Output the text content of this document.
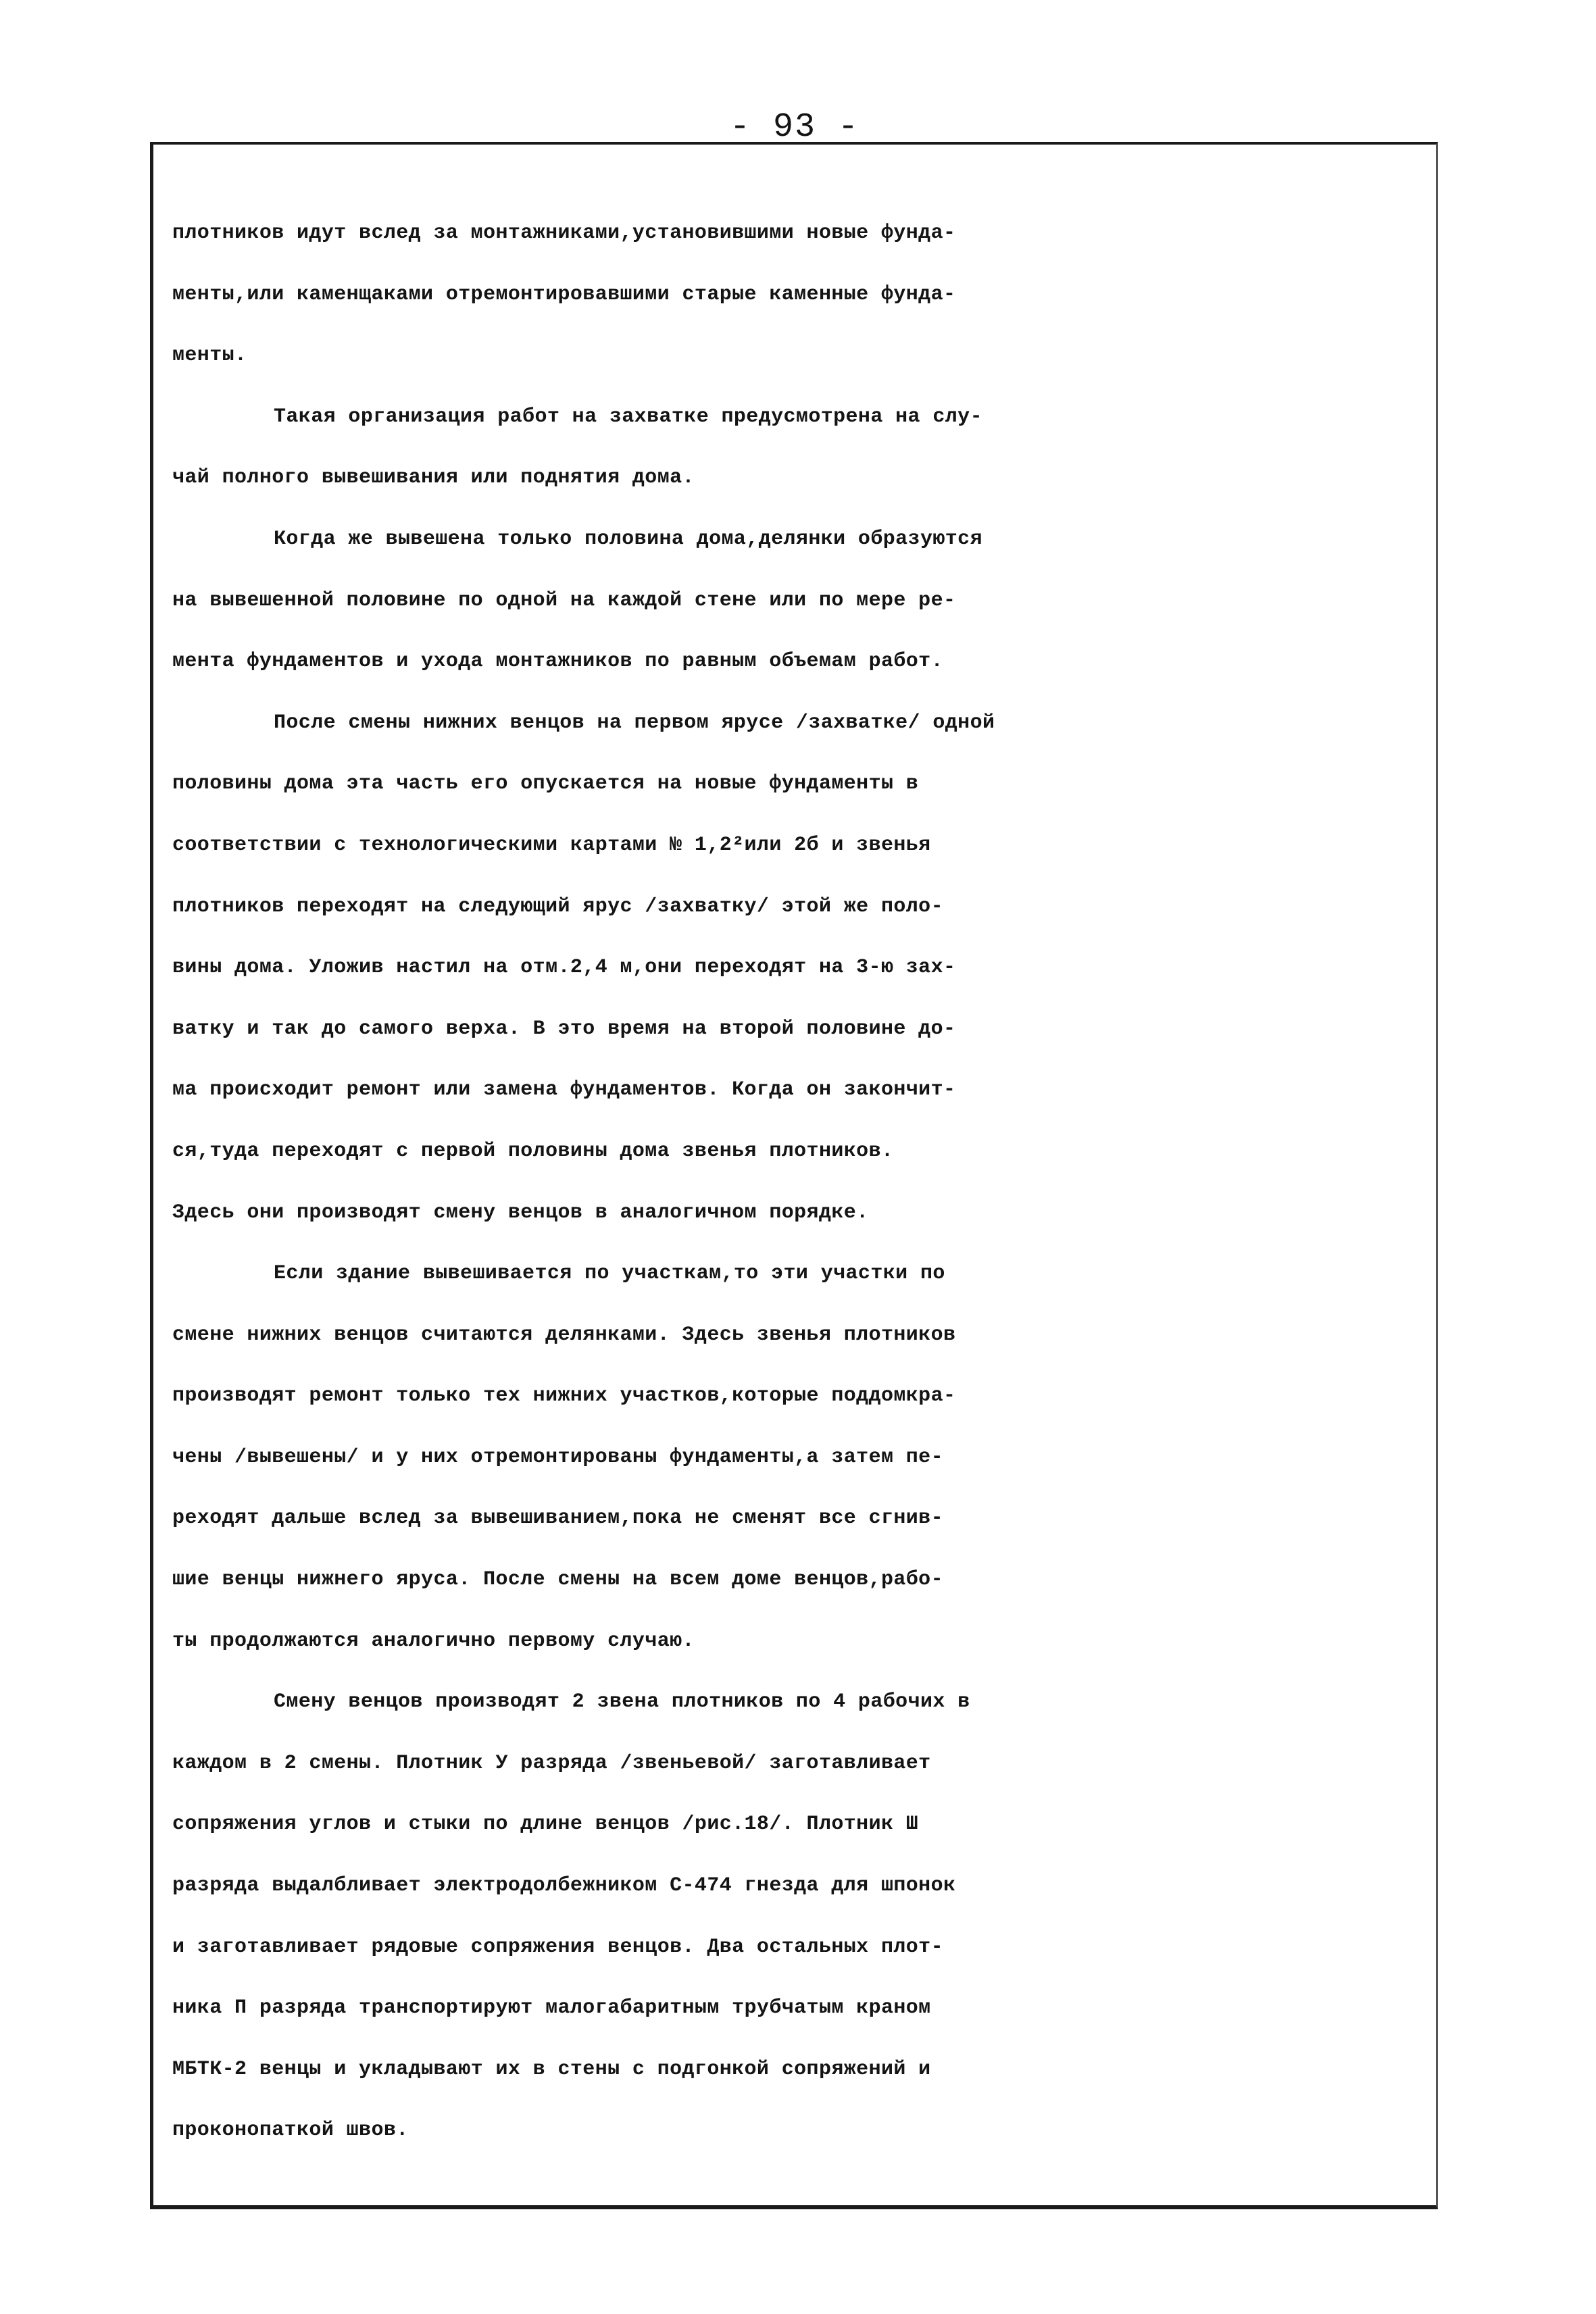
- 93 -
плотников идут вслед за монтажниками,установившими новые фунда-
менты,или каменщаками отремонтировавшими старые каменные фунда-
менты.
Такая организация работ на захватке предусмотрена на слу-
чай полного вывешивания или поднятия дома.
Когда же вывешена только половина дома,делянки образуются
на вывешенной половине по одной на каждой стене или по мере ре-
мента фундаментов и ухода монтажников по равным объемам работ.
После смены нижних венцов на первом ярусе /захватке/ одной
половины дома эта часть его опускается на новые фундаменты в
соответствии с технологическими картами № 1,2²или 2б и звенья
плотников переходят на следующий ярус /захватку/ этой же поло-
вины дома. Уложив настил на отм.2,4 м,они переходят на 3-ю зах-
ватку и так до самого верха. В это время на второй половине до-
ма происходит ремонт или замена фундаментов. Когда он закончит-
ся,туда переходят с первой половины дома звенья плотников.
Здесь они производят смену венцов в аналогичном порядке.
Если здание вывешивается по участкам,то эти участки по
смене нижних венцов считаются делянками. Здесь звенья плотников
производят ремонт только тех нижних участков,которые поддомкра-
чены /вывешены/ и у них отремонтированы фундаменты,а затем пе-
реходят дальше вслед за вывешиванием,пока не сменят все сгнив-
шие венцы нижнего яруса. После смены на всем доме венцов,рабо-
ты продолжаются аналогично первому случаю.
Смену венцов производят 2 звена плотников по 4 рабочих в
каждом в 2 смены. Плотник У разряда /звеньевой/ заготавливает
сопряжения углов и стыки по длине венцов /рис.18/. Плотник Ш
разряда выдалбливает электродолбежником С-474 гнезда для шпонок
и заготавливает рядовые сопряжения венцов. Два остальных плот-
ника П разряда транспортируют малогабаритным трубчатым краном
МБТК-2 венцы и укладывают их в стены с подгонкой сопряжений и
проконопаткой швов.
